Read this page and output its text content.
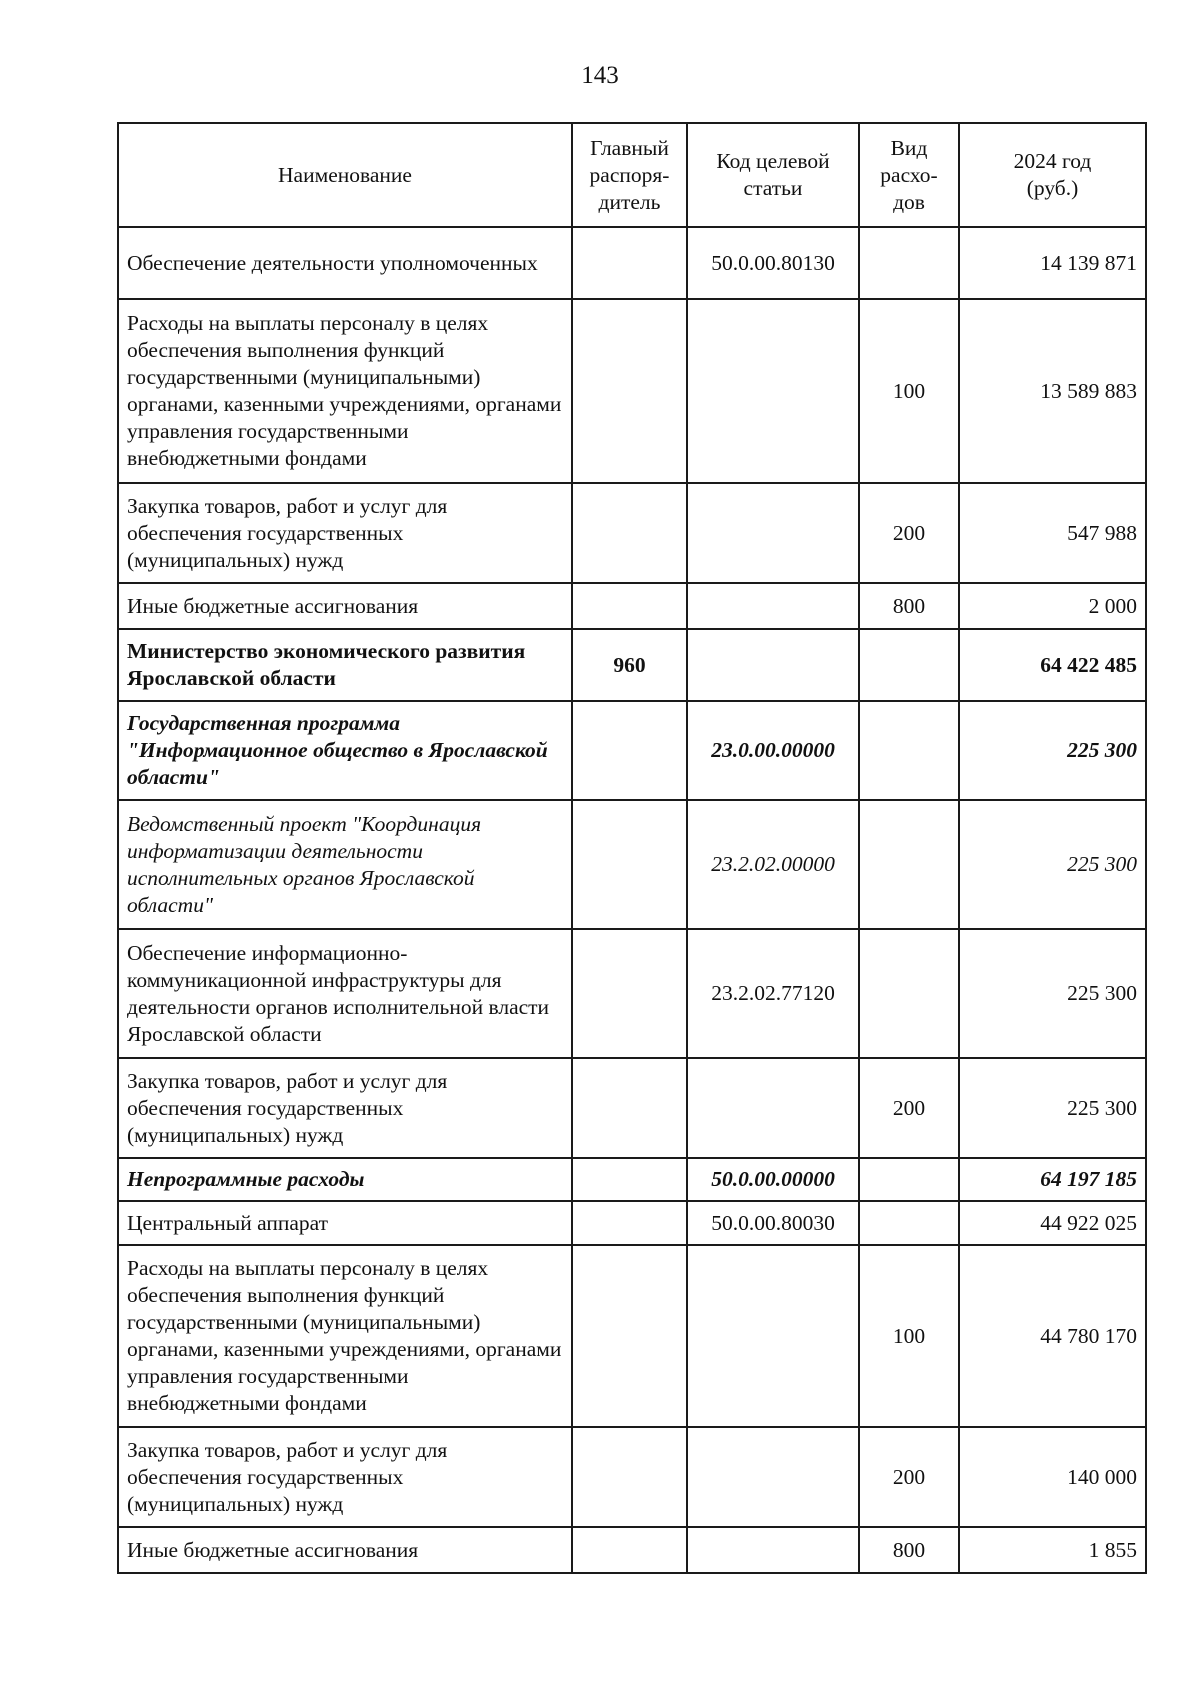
143
Наименование	Главный распоря-дитель	Код целевой статьи	Вид расхо-дов	2024 год (руб.)
Обеспечение деятельности уполномоченных		50.0.00.80130		14 139 871
Расходы на выплаты персоналу в целях обеспечения выполнения функций государственными (муниципальными) органами, казенными учреждениями, органами управления государственными внебюджетными фондами			100	13 589 883
Закупка товаров, работ и услуг для обеспечения государственных (муниципальных) нужд			200	547 988
Иные бюджетные ассигнования			800	2 000
Министерство экономического развития Ярославской области	960			64 422 485
Государственная программа "Информационное общество в Ярославской области"		23.0.00.00000		225 300
Ведомственный проект "Координация информатизации деятельности исполнительных органов Ярославской области"		23.2.02.00000		225 300
Обеспечение информационно-коммуникационной инфраструктуры для деятельности органов исполнительной власти Ярославской области		23.2.02.77120		225 300
Закупка товаров, работ и услуг для обеспечения государственных (муниципальных) нужд			200	225 300
Непрограммные расходы		50.0.00.00000		64 197 185
Центральный аппарат		50.0.00.80030		44 922 025
Расходы на выплаты персоналу в целях обеспечения выполнения функций государственными (муниципальными) органами, казенными учреждениями, органами управления государственными внебюджетными фондами			100	44 780 170
Закупка товаров, работ и услуг для обеспечения государственных (муниципальных) нужд			200	140 000
Иные бюджетные ассигнования			800	1 855
